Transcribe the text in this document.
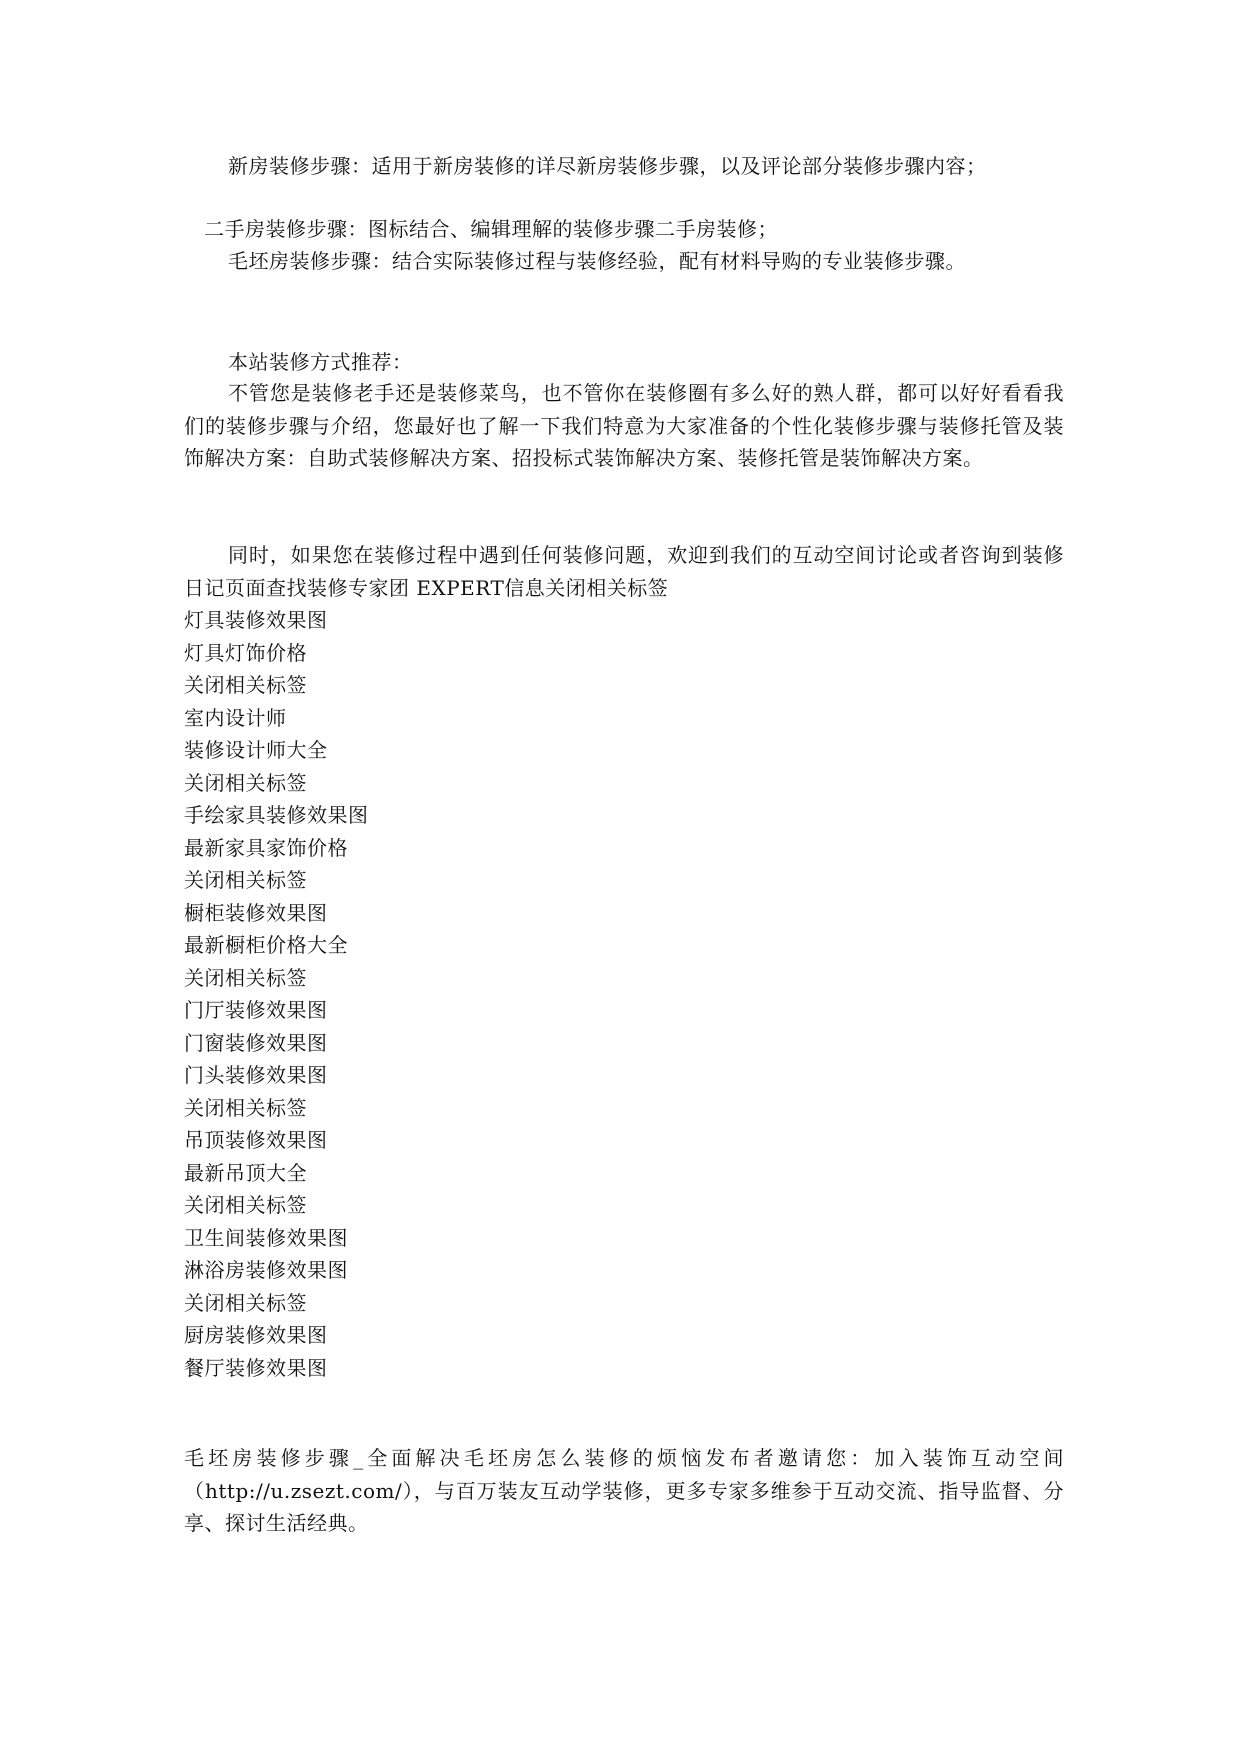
新房装修步骤：适用于新房装修的详尽新房装修步骤，以及评论部分装修步骤内容；
二手房装修步骤：图标结合、编辑理解的装修步骤二手房装修；
毛坯房装修步骤：结合实际装修过程与装修经验，配有材料导购的专业装修步骤。
本站装修方式推荐：
不管您是装修老手还是装修菜鸟，也不管你在装修圈有多么好的熟人群，都可以好好看看我们的装修步骤与介绍，您最好也了解一下我们特意为大家准备的个性化装修步骤与装修托管及装饰解决方案：自助式装修解决方案、招投标式装饰解决方案、装修托管是装饰解决方案。
同时，如果您在装修过程中遇到任何装修问题，欢迎到我们的互动空间讨论或者咨询到装修日记页面查找装修专家团 EXPERT信息关闭相关标签
灯具装修效果图
灯具灯饰价格
关闭相关标签
室内设计师
装修设计师大全
关闭相关标签
手绘家具装修效果图
最新家具家饰价格
关闭相关标签
橱柜装修效果图
最新橱柜价格大全
关闭相关标签
门厅装修效果图
门窗装修效果图
门头装修效果图
关闭相关标签
吊顶装修效果图
最新吊顶大全
关闭相关标签
卫生间装修效果图
淋浴房装修效果图
关闭相关标签
厨房装修效果图
餐厅装修效果图
毛坯房装修步骤_全面解决毛坯房怎么装修的烦恼发布者邀请您：加入装饰互动空间（http://u.zsezt.com/），与百万装友互动学装修，更多专家多维参于互动交流、指导监督、分享、探讨生活经典。
